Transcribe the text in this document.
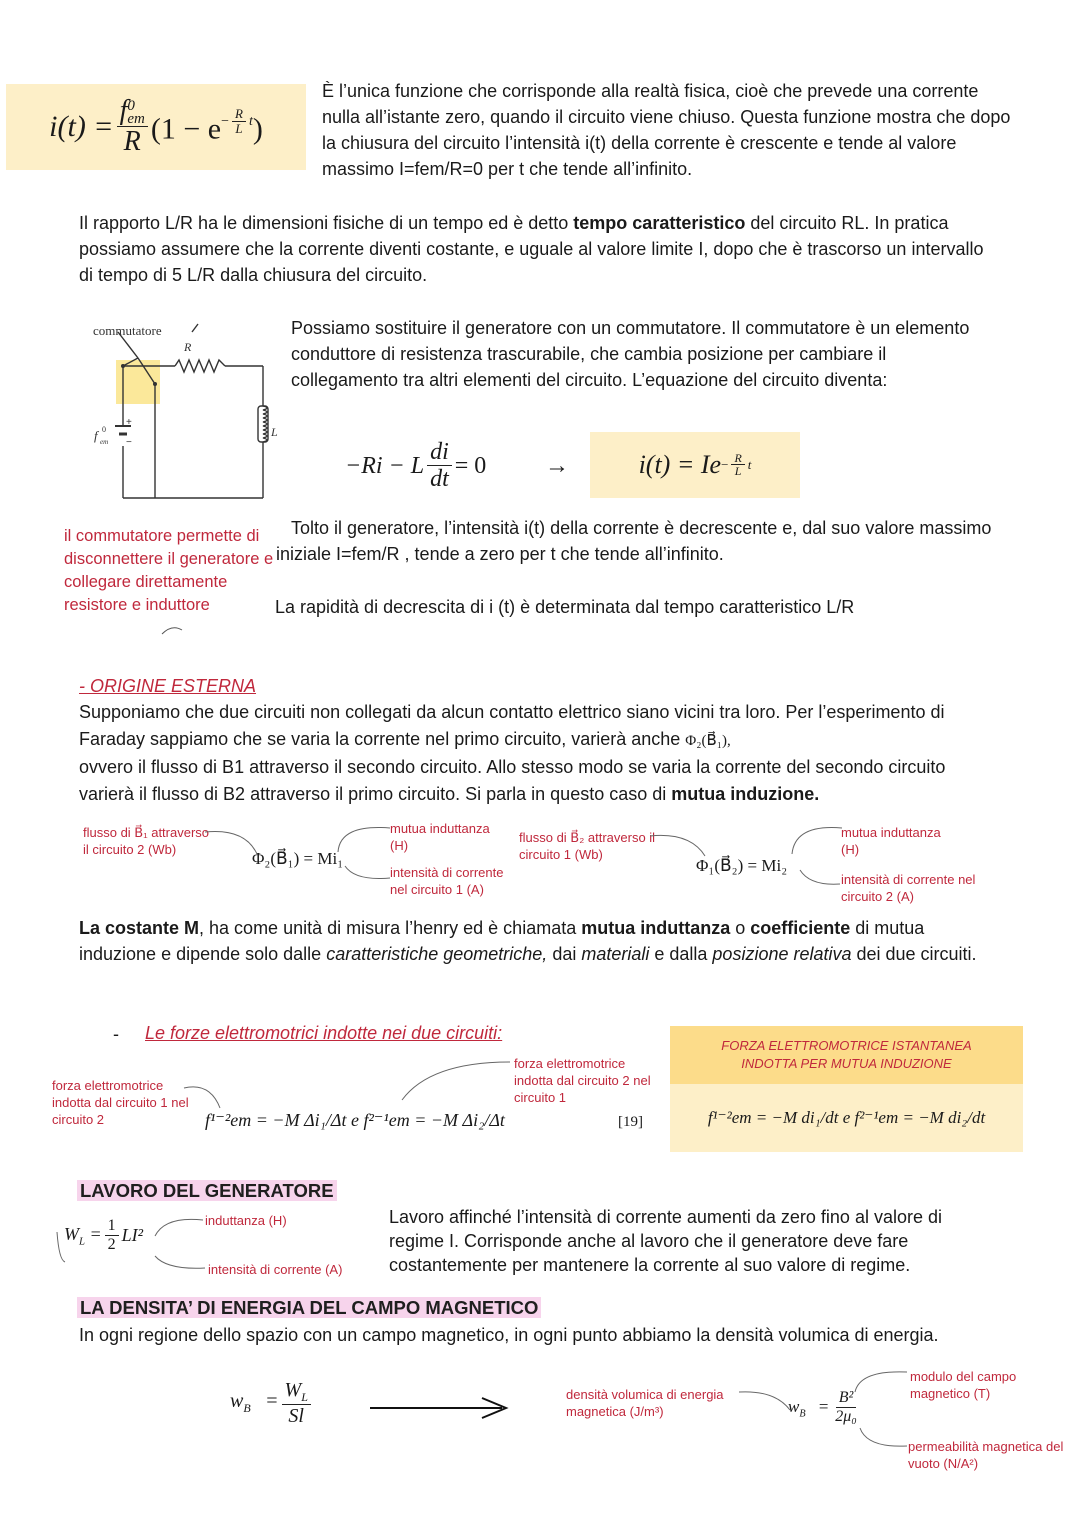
i(t) = f 0
em
R ($1 - e^{- \frac{R}{L} t}$ )
È l’unica funzione che corrisponde alla realtà fisica, cioè che prevede una corrente nulla all’istante zero, quando il circuito viene chiuso. Questa funzione mostra che dopo la chiusura del circuito l’intensità i(t) della corrente è crescente e tende al valore massimo I=fem/R=0 per t che tende all’infinito.
Il rapporto L/R ha le dimensioni fisiche di un tempo ed è detto tempo caratteristico del circuito RL. In pratica possiamo assumere che la corrente diventi costante, e uguale al valore limite I, dopo che è trascorso un intervallo di tempo di 5 L/R dalla chiusura del circuito.
commutatore
R
L
f 0
em
+
−
Possiamo sostituire il generatore con un commutatore. Il commutatore è un elemento conduttore di resistenza trascurabile, che cambia posizione per cambiare il collegamento tra altri elementi del circuito. L’equazione del circuito diventa:
−Ri − L $\frac{di}{dt} = 0$ →	$i(t) = Ie - \frac{R}{L}$ t
il commutatore permette di disconnettere il generatore e collegare direttamente resistore e induttore
Tolto il generatore, l’intensità i(t) della corrente è decrescente e, dal suo valore massimo iniziale I=fem/R , tende a zero per t che tende all’infinito.
La rapidità di decrescita di i (t) è determinata dal tempo caratteristico L/R
- ORIGINE ESTERNA
Supponiamo che due circuiti non collegati da alcun contatto elettrico siano vicini tra loro. Per l’esperimento di Faraday sappiamo che se varia la corrente nel primo circuito, varierà anche Φ₂(B⃗₁),
ovvero il flusso di B1 attraverso il secondo circuito. Allo stesso modo se varia la corrente del secondo circuito varierà il flusso di B2 attraverso il primo circuito. Si parla in questo caso di mutua induzione.
flusso di B⃗₁ attraverso il circuito 2 (Wb)	Φ₂(B⃗₁) = Mi₁
mutua induttanza (H)
intensità di corrente nel circuito 1 (A)
flusso di B⃗₂ attraverso il circuito 1 (Wb)
Φ₁(B⃗₂) = Mi₂
mutua induttanza (H)
intensità di corrente nel circuito 2 (A)
La costante M, ha come unità di misura l’henry ed è chiamata mutua induttanza o coefficiente di mutua induzione e dipende solo dalle caratteristiche geometriche, dai materiali e dalla posizione relativa dei due circuiti.
- Le forze elettromotrici indotte nei due circuiti:
forza elettromotrice indotta dal circuito 1 nel circuito 2
forza elettromotrice indotta dal circuito 2 nel circuito 1
f¹⁻²em = −M Δi₁/Δt e f²⁻¹em = −M Δi₂/Δt	[19]
FORZA ELETTROMOTRICE ISTANTANEA INDOTTA PER MUTUA INDUZIONE
f¹⁻²em = −M di₁/dt e f²⁻¹em = −M di₂/dt
LAVORO DEL GENERATORE
$W_L = \frac{1}{2} LI^2$
induttanza (H)
intensità di corrente (A)
Lavoro affinché l’intensità di corrente aumenti da zero fino al valore di regime I. Corrisponde anche al lavoro che il generatore deve fare costantemente per mantenere la corrente al suo valore di regime.
LA DENSITA’ DI ENERGIA DEL CAMPO MAGNETICO
In ogni regione dello spazio con un campo magnetico, in ogni punto abbiamo la densità volumica di energia.
$w_{B⃗} = \frac{W_L}{Sl}$	densità volumica di energia magnetica (J/m³)	$w_{B⃗} = \frac{\text{B²}}{\text{2μ₀}}$
modulo del campo magnetico (T)
permeabilità magnetica del vuoto (N/A²)
